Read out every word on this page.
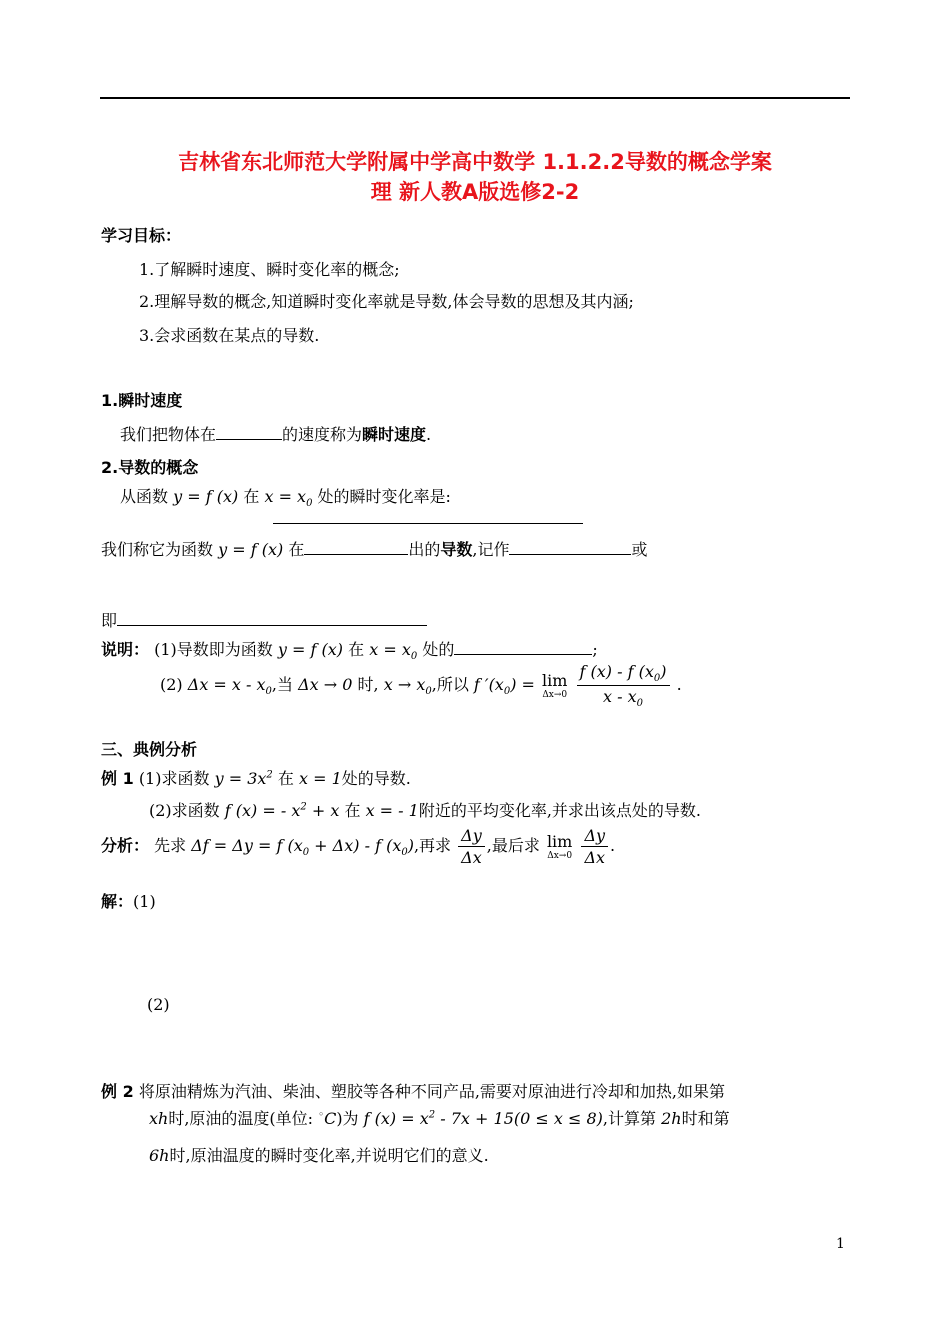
吉林省东北师范大学附属中学高中数学 1.1.2.2导数的概念学案
理 新人教A版选修2-2
学习目标：
1.了解瞬时速度、瞬时变化率的概念;
2.理解导数的概念,知道瞬时变化率就是导数,体会导数的思想及其内涵;
3.会求函数在某点的导数.
1.瞬时速度
我们把物体在	的速度称为瞬时速度.
2.导数的概念
从函数 y = f (x) 在 $x = x_0$ 处的瞬时变化率是:
我们称它为函数 y = f (x) 在	出的导数,记作	或
即
说明： (1)导数即为函数 y = f (x) 在 $x = x_0$ 处的	;
(2) $\Delta x = x - x_0$,当 Δx → 0 时, $x \to x_0$,所以 f $'(x_0) = \lim$
Δx→0
$\frac{f (x) - f (x_0)}{x - x_0}$ .
三、典例分析
例 1 (1)求函数 $y = 3x^2$ 在 x = 1处的导数.
(2)求函数 f (x) = - $x^2 + x$ 在 x = - 1附近的平均变化率,并求出该点处的导数.
分析： 先求 Δf = Δy = f $(x_0 + \Delta x) - f$ $(x_0)$,再求 $\frac{\Delta y}{\Delta x}$ ,最后求 lim
Δx→0
$\frac{\Delta y}{\Delta x}$ .
解：(1)
(2)
例 2 将原油精炼为汽油、柴油、塑胶等各种不同产品,需要对原油进行冷却和加热,如果第
xh时,原油的温度(单位: ◦C)为 f $(x) = x^2 - 7x + 15(0 \le x \le 8)$,计算第 2h时和第
6h时,原油温度的瞬时变化率,并说明它们的意义.
1
